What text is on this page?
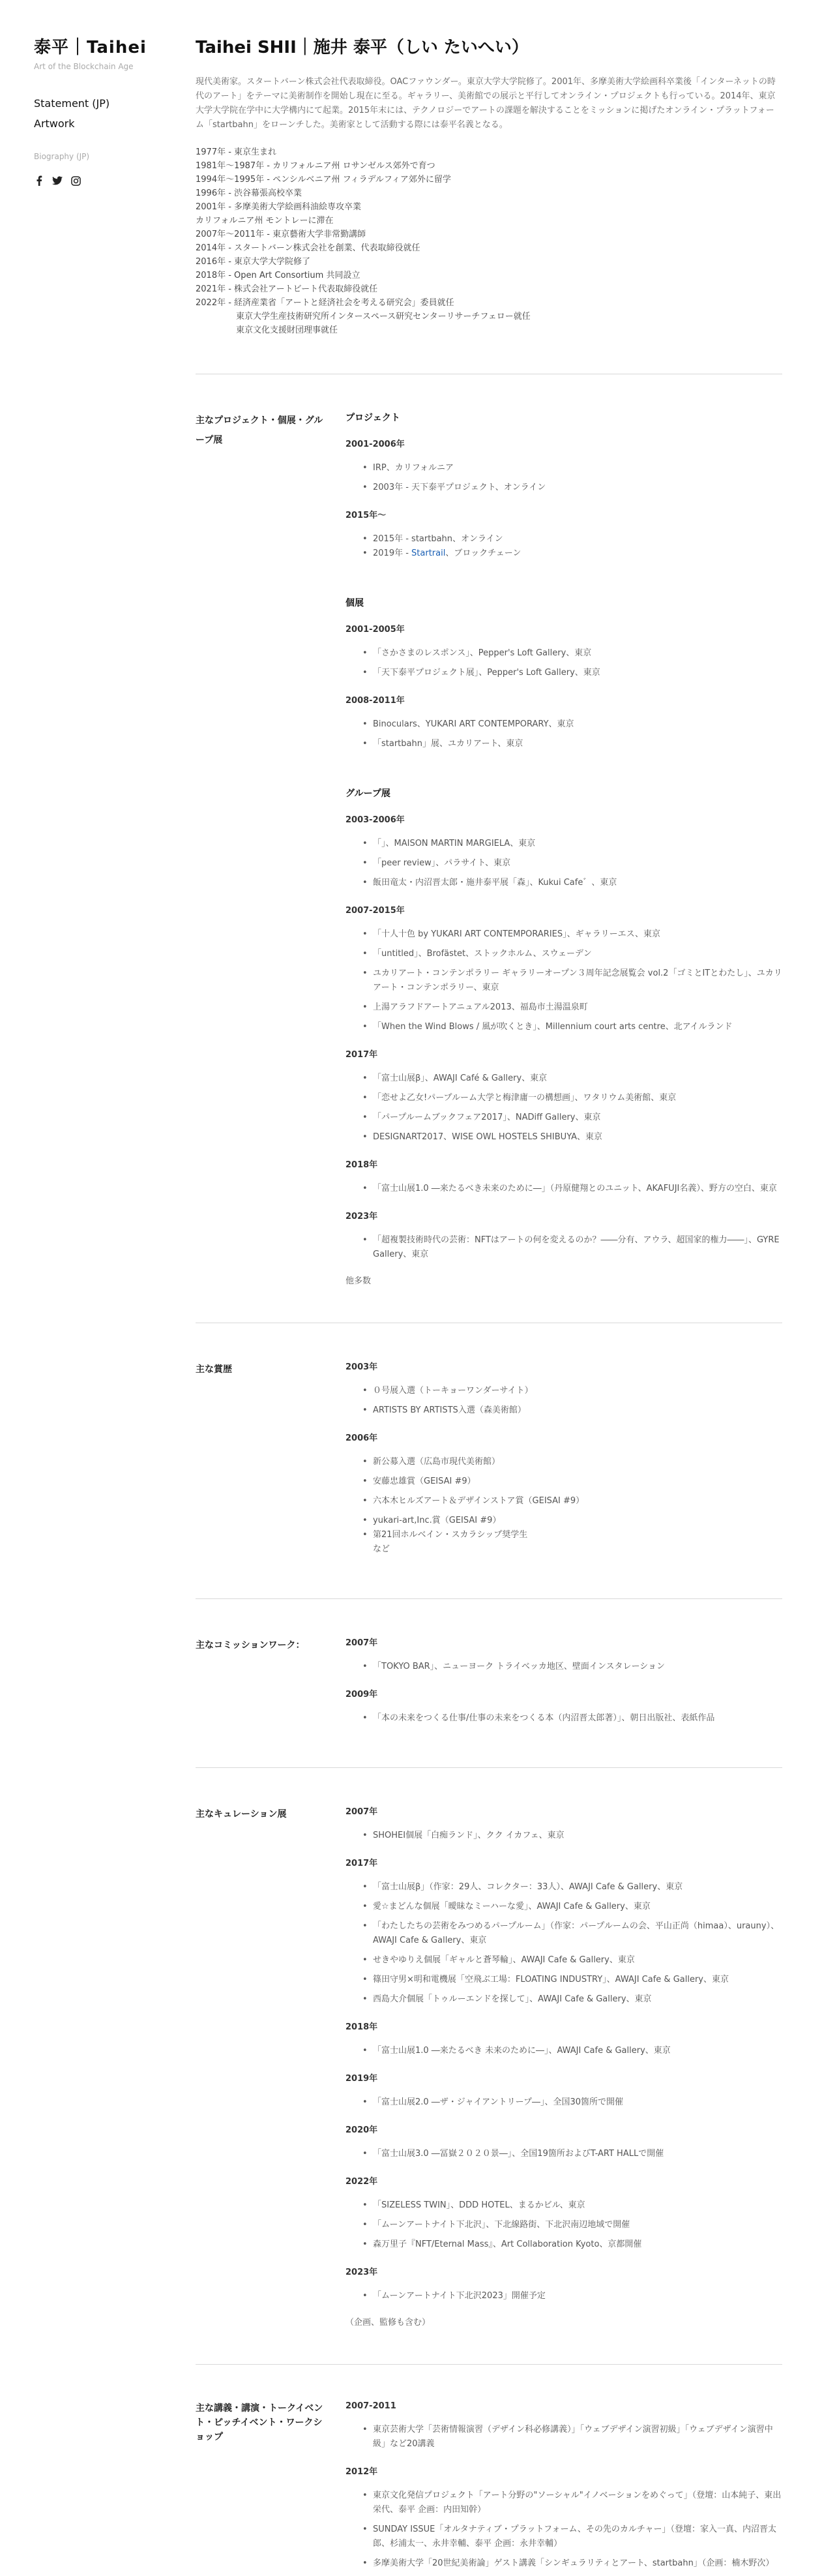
泰平｜Taihei
Art of the Blockchain Age
Statement (JP)
Artwork
Biography (JP)
Taihei SHII｜施井 泰平（しい たいへい）

現代美術家。スタートバーン株式会社代表取締役。OACファウンダー。東京大学大学院修了。2001年、多摩美術大学絵画科卒業後「インターネットの時代のアート」をテーマに美術制作を開始し現在に至る。ギャラリー、美術館での展示と平行してオンライン・プロジェクトも行っている。2014年、東京大学大学院在学中に大学構内にて起業。2015年末には、テクノロジーでアートの課題を解決することをミッションに掲げたオンライン・プラットフォーム「startbahn」をローンチした。美術家として活動する際には泰平名義となる。

1977年 - 東京生まれ
1981年〜1987年 - カリフォルニア州 ロサンゼルス郊外で育つ
1994年〜1995年 - ペンシルベニア州 フィラデルフィア郊外に留学
1996年 - 渋谷幕張高校卒業
2001年 - 多摩美術大学絵画科油絵専攻卒業
カリフォルニア州 モントレーに滞在
2007年〜2011年 - 東京藝術大学非常勤講師
2014年 - スタートバーン株式会社を創業、代表取締役就任
2016年 - 東京大学大学院修了
2018年 - Open Art Consortium 共同設立
2021年 - 株式会社アートビート代表取締役就任
2022年 - 経済産業省「アートと経済社会を考える研究会」委員就任
東京大学生産技術研究所インタースペース研究センターリサーチフェロー就任
東京文化支援財団理事就任
主なプロジェクト・個展・グループ展
プロジェクト
2001-2006年
• IRP、カリフォルニア
• 2003年 - 天下泰平プロジェクト、オンライン
2015年〜
• 2015年 - startbahn、オンライン
• 2019年 - Startrail、ブロックチェーン
個展
2001-2005年
• 「さかさまのレスポンス」、Pepper's Loft Gallery、東京
• 「天下泰平プロジェクト展」、Pepper's Loft Gallery、東京
2008-2011年
• Binoculars、YUKARI ART CONTEMPORARY、東京
• 「startbahn」展、ユカリアート、東京
グループ展
2003-2006年
• 「」、MAISON MARTIN MARGIELA、東京
• 「peer review」、パラサイト、東京
• 飯田竜太・内沼晋太郎・施井泰平展「森」、Kukui Cafe゛、東京
2007-2015年
• 「十人十色 by YUKARI ART CONTEMPORARIES」、ギャラリーエス、東京
• 「untitled」、Brofästet、ストックホルム、スウェーデン
• ユカリアート・コンテンポラリー ギャラリーオープン３周年記念展覧会 vol.2「ゴミとITとわたし」、ユカリアート・コンテンポラリー、東京
• 上湯アラフドアートアニュアル2013、福島市土湯温泉町
• 「When the Wind Blows / 風が吹くとき」、Millennium court arts centre、北アイルランド
2017年
• 「富士山展β」、AWAJI Café & Gallery、東京
• 「恋せよ乙女!パープルーム大学と梅津庸一の構想画」、ワタリウム美術館、東京
• 「パープルームブックフェア2017」、NADiff Gallery、東京
• DESIGNART2017、WISE OWL HOSTELS SHIBUYA、東京
2018年
• 「富士山展1.0 ―来たるべき未来のために―」（丹原健翔とのユニット、AKAFUJI名義）、野方の空白、東京
2023年
• 「超複製技術時代の芸術：NFTはアートの何を変えるのか？――分有、アウラ、超国家的権力――」、GYRE Gallery、東京
他多数
主な賞歴	2003年
• ０号展入選（トーキョーワンダーサイト）
• ARTISTS BY ARTISTS入選（森美術館）
2006年
• 新公募入選（広島市現代美術館）
• 安藤忠雄賞（GEISAI #9）
• 六本木ヒルズアート＆デザインストア賞（GEISAI #9）
• yukari-art,Inc.賞（GEISAI #9）
• 第21回ホルベイン・スカラシップ奨学生
など
主なコミッションワーク：	2007年
• 「TOKYO BAR」、ニューヨーク トライベッカ地区、壁面インスタレーション
2009年
• 「本の未来をつくる仕事/仕事の未来をつくる本（内沼晋太郎著）」、朝日出版社、表紙作品
主なキュレーション展	2007年
• SHOHEI個展「白痴ランド」、クク イカフェ、東京
2017年
• 「富士山展β」（作家：29人、コレクター：33人）、AWAJI Cafe & Gallery、東京
• 愛☆まどんな個展「曖昧なミーハーな愛」、AWAJI Cafe & Gallery、東京
• 「わたしたちの芸術をみつめるパープルーム」（作家：パープルームの会、平山正尚（himaa）、urauny）、AWAJI Cafe & Gallery、東京
• せきやゆりえ個展「ギャルと蒼琴輪」、AWAJI Cafe & Gallery、東京
• 篠田守男×明和電機展「空飛ぶ工場：FLOATING INDUSTRY」、AWAJI Cafe & Gallery、東京
• 西島大介個展「トゥルーエンドを探して」、AWAJI Cafe & Gallery、東京
2018年
• 「富士山展1.0 ―来たるべき 未来のために―」、AWAJI Cafe & Gallery、東京
2019年
• 「富士山展2.0 ―ザ・ジャイアントリープ―」、全国30箇所で開催
2020年
• 「富士山展3.0 ―冨嶽２０２０景―」、全国19箇所およびT-ART HALLで開催
2022年
• 「SIZELESS TWIN」、DDD HOTEL、まるかビル、東京
• 「ムーンアートナイト下北沢」、下北線路街、下北沢南辺地域で開催
• 森万里子『NFT/Eternal Mass』、Art Collaboration Kyoto、京都開催
2023年
• 「ムーンアートナイト下北沢2023」開催予定
（企画、監修も含む）
主な講義・講演・トークイベント・ピッチイベント・ワークショップ
2007-2011
• 東京芸術大学「芸術情報演習（デザイン科必修講義）」「ウェブデザイン演習初級」「ウェブデザイン演習中級」など20講義
2012年
• 東京文化発信プロジェクト「アート分野の"ソーシャル"イノベーションをめぐって」（登壇：山本純子、東出栄代、泰平 企画：内田知幹）
• SUNDAY ISSUE「オルタナティブ・プラットフォーム、その先のカルチャー」（登壇：家入一真、内沼晋太郎、杉浦太一、永井幸輔、泰平 企画：永井幸輔）
• 多摩美術大学「20世紀美術論」ゲスト講義「シンギュラリティとアート、startbahn」（企画：楠木野次）
